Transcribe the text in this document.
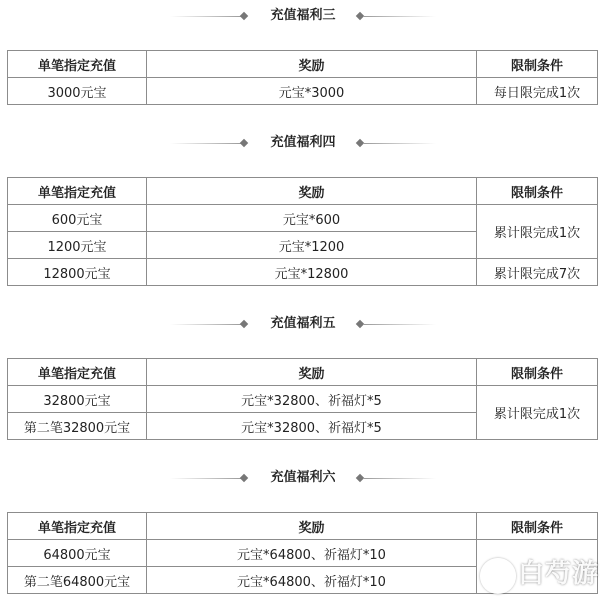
充值福利三
单笔指定充值	奖励	限制条件
3000元宝	元宝*3000	每日限完成1次
充值福利四
单笔指定充值	奖励	限制条件
600元宝	元宝*600	累计限完成1次
1200元宝	元宝*1200	
12800元宝	元宝*12800	累计限完成7次
充值福利五
单笔指定充值	奖励	限制条件
32800元宝	元宝*32800、祈福灯*5	累计限完成1次
第二笔32800元宝	元宝*32800、祈福灯*5	
充值福利六
单笔指定充值	奖励	限制条件
64800元宝	元宝*64800、祈福灯*10	
第二笔64800元宝	元宝*64800、祈福灯*10		白芍游
